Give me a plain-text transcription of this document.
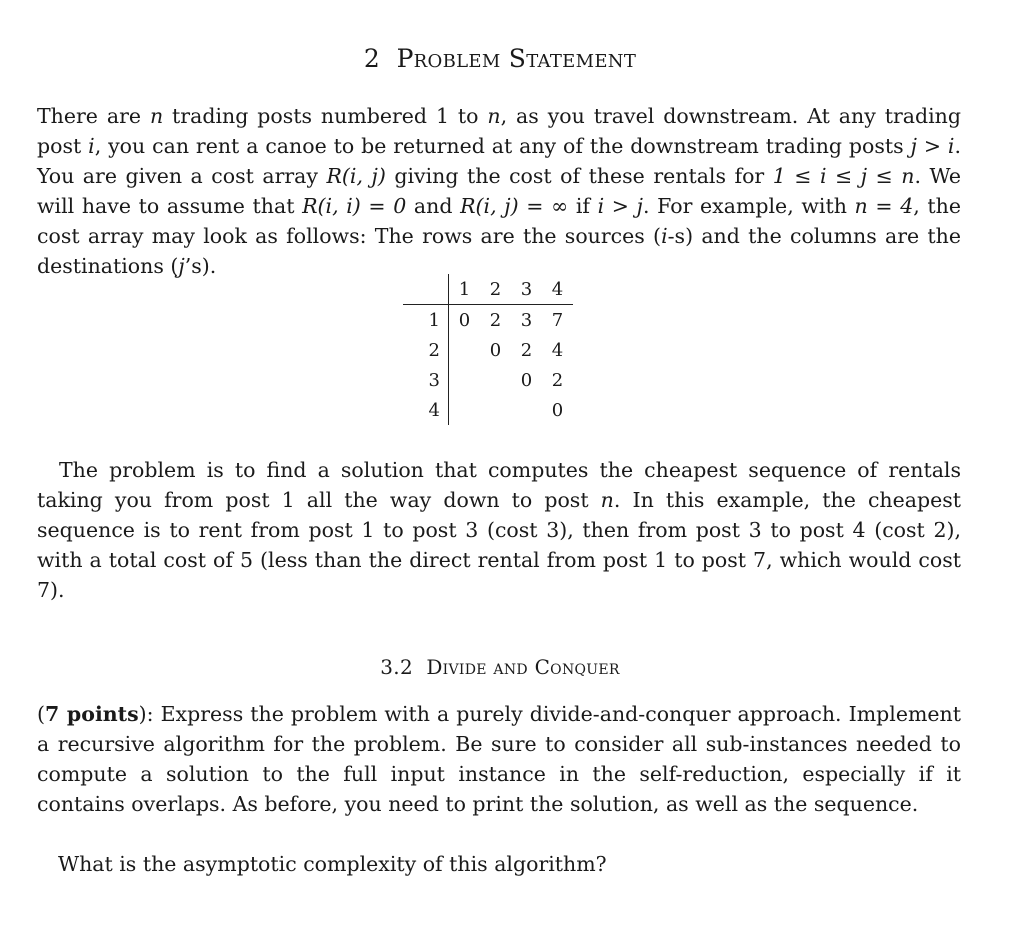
2 Problem Statement
There are n trading posts numbered 1 to n, as you travel downstream. At any trading post i, you can rent a canoe to be returned at any of the downstream trading posts j > i. You are given a cost array R(i, j) giving the cost of these rentals for 1 ≤ i ≤ j ≤ n. We will have to assume that R(i, i) = 0 and R(i, j) = ∞ if i > j. For example, with n = 4, the cost array may look as follows: The rows are the sources (i-s) and the columns are the destinations (j’s).
	1	2	3	4
1	0	2	3	7
2		0	2	4
3			0	2
4				0
The problem is to find a solution that computes the cheapest sequence of rentals taking you from post 1 all the way down to post n. In this example, the cheapest sequence is to rent from post 1 to post 3 (cost 3), then from post 3 to post 4 (cost 2), with a total cost of 5 (less than the direct rental from post 1 to post 7, which would cost 7).
3.2 Divide and Conquer
(7 points): Express the problem with a purely divide-and-conquer approach. Implement a recursive algorithm for the problem. Be sure to consider all sub-instances needed to compute a solution to the full input instance in the self-reduction, especially if it contains overlaps. As before, you need to print the solution, as well as the sequence.
What is the asymptotic complexity of this algorithm?
